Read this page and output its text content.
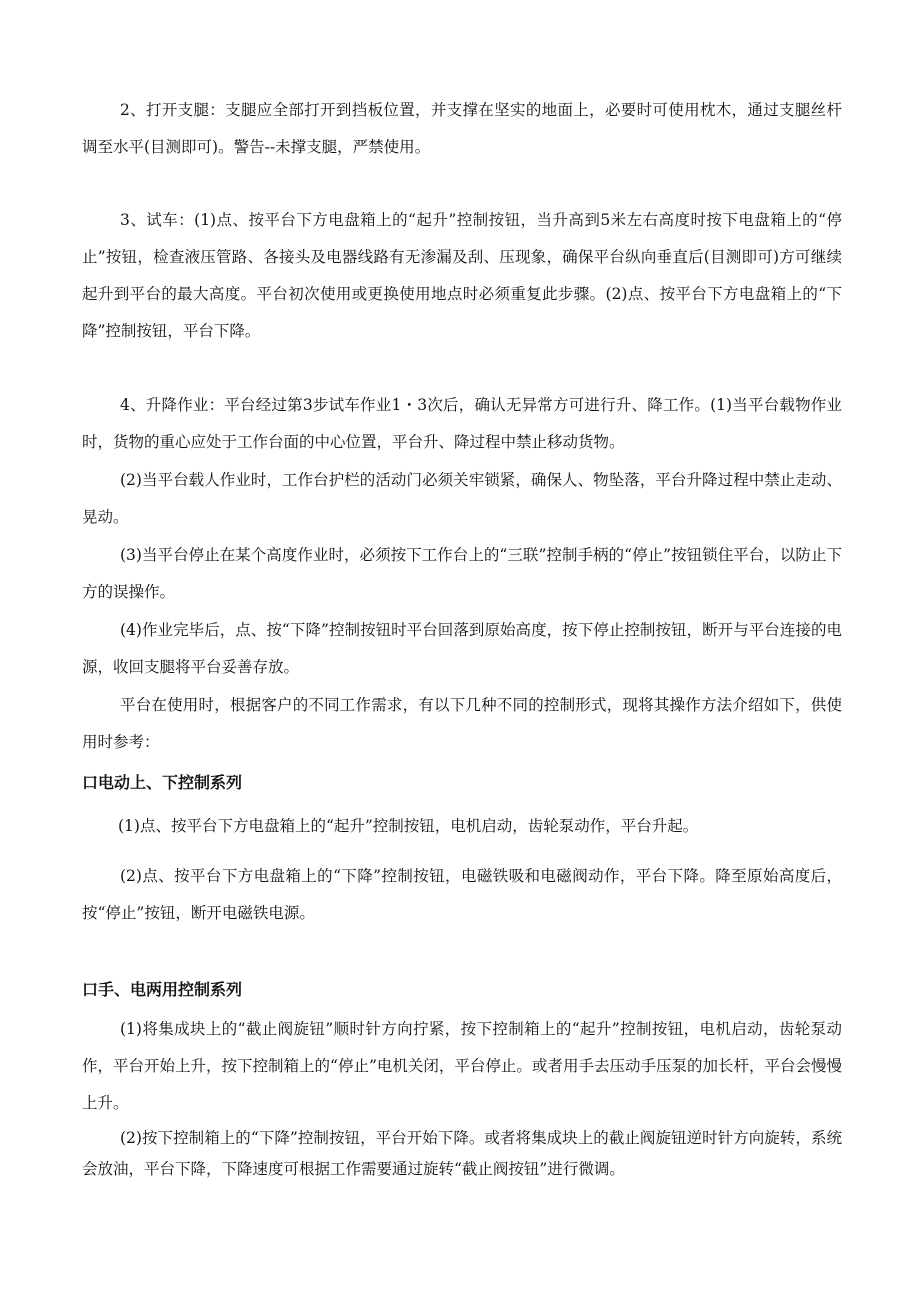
2、打开支腿：支腿应全部打开到挡板位置，并支撑在坚实的地面上，必要时可使用枕木，通过支腿丝杆调至水平(目测即可)。警告--未撑支腿，严禁使用。

3、试车：(1)点、按平台下方电盘箱上的“起升”控制按钮，当升高到5米左右高度时按下电盘箱上的“停止”按钮，检查液压管路、各接头及电器线路有无渗漏及刮、压现象，确保平台纵向垂直后(目测即可)方可继续起升到平台的最大高度。平台初次使用或更换使用地点时必须重复此步骤。(2)点、按平台下方电盘箱上的“下降”控制按钮，平台下降。

4、升降作业：平台经过第3步试车作业1・3次后，确认无异常方可进行升、降工作。(1)当平台载物作业时，货物的重心应处于工作台面的中心位置，平台升、降过程中禁止移动货物。

(2)当平台载人作业时，工作台护栏的活动门必须关牢锁紧，确保人、物坠落，平台升降过程中禁止走动、晃动。

(3)当平台停止在某个高度作业时，必须按下工作台上的“三联”控制手柄的“停止”按钮锁住平台，以防止下方的误操作。

(4)作业完毕后，点、按“下降”控制按钮时平台回落到原始高度，按下停止控制按钮，断开与平台连接的电源，收回支腿将平台妥善存放。

平台在使用时，根据客户的不同工作需求，有以下几种不同的控制形式，现将其操作方法介绍如下，供使用时参考：

口电动上、下控制系列

(1)点、按平台下方电盘箱上的“起升”控制按钮，电机启动，齿轮泵动作，平台升起。

(2)点、按平台下方电盘箱上的“下降”控制按钮，电磁铁吸和电磁阀动作，平台下降。降至原始高度后，按“停止”按钮，断开电磁铁电源。

口手、电两用控制系列

(1)将集成块上的“截止阀旋钮”顺时针方向拧紧，按下控制箱上的“起升”控制按钮，电机启动，齿轮泵动作，平台开始上升，按下控制箱上的“停止”电机关闭，平台停止。或者用手去压动手压泵的加长杆，平台会慢慢上升。

(2)按下控制箱上的“下降”控制按钮，平台开始下降。或者将集成块上的截止阀旋钮逆时针方向旋转，系统会放油，平台下降，下降速度可根据工作需要通过旋转“截止阀按钮”进行微调。
